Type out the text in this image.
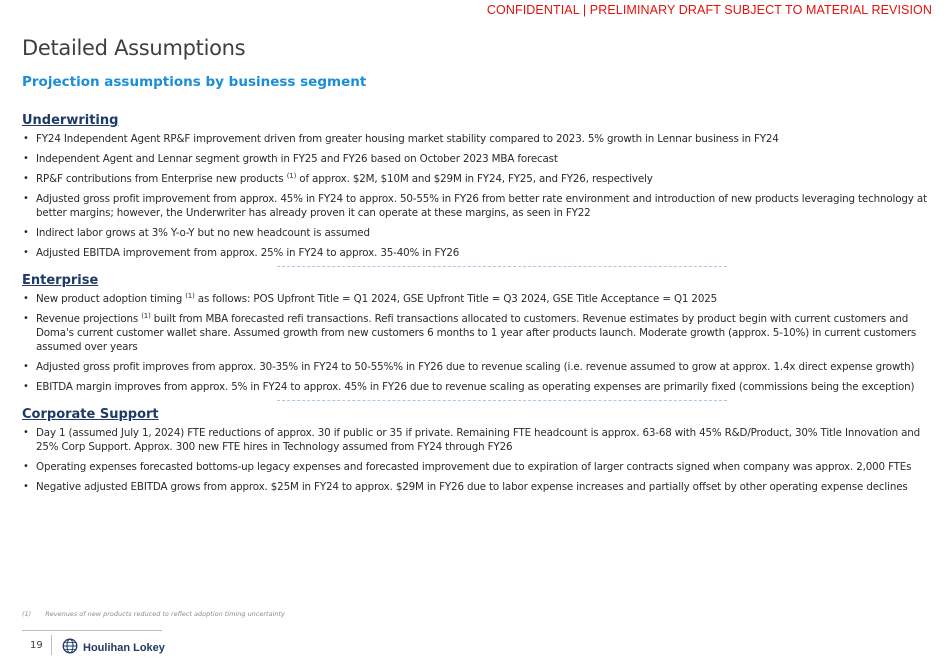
CONFIDENTIAL | PRELIMINARY DRAFT SUBJECT TO MATERIAL REVISION
Detailed Assumptions
Projection assumptions by business segment
Underwriting
• FY24 Independent Agent RP&F improvement driven from greater housing market stability compared to 2023. 5% growth in Lennar business in FY24
• Independent Agent and Lennar segment growth in FY25 and FY26 based on October 2023 MBA forecast
• RP&F contributions from Enterprise new products $^{(1)}$ of approx. $2M, $10M and $29M in FY24, FY25, and FY26, respectively
• Adjusted gross profit improvement from approx. 45% in FY24 to approx. 50-55% in FY26 from better rate environment and introduction of new products leveraging technology at better margins; however, the Underwriter has already proven it can operate at these margins, as seen in FY22
• Indirect labor grows at 3% Y-o-Y but no new headcount is assumed
• Adjusted EBITDA improvement from approx. 25% in FY24 to approx. 35-40% in FY26
Enterprise
• New product adoption timing $^{(1)}$ as follows: POS Upfront Title = Q1 2024, GSE Upfront Title = Q3 2024, GSE Title Acceptance = Q1 2025
• Revenue projections $^{(1)}$ built from MBA forecasted refi transactions. Refi transactions allocated to customers. Revenue estimates by product begin with current customers and Doma's current customer wallet share. Assumed growth from new customers 6 months to 1 year after products launch. Moderate growth (approx. 5-10%) in current customers assumed over years
• Adjusted gross profit improves from approx. 30-35% in FY24 to 50-55%% in FY26 due to revenue scaling (i.e. revenue assumed to grow at approx. 1.4x direct expense growth)
• EBITDA margin improves from approx. 5% in FY24 to approx. 45% in FY26 due to revenue scaling as operating expenses are primarily fixed (commissions being the exception)
Corporate Support
• Day 1 (assumed July 1, 2024) FTE reductions of approx. 30 if public or 35 if private. Remaining FTE headcount is approx. 63-68 with 45% R&D/Product, 30% Title Innovation and 25% Corp Support. Approx. 300 new FTE hires in Technology assumed from FY24 through FY26
• Operating expenses forecasted bottoms-up legacy expenses and forecasted improvement due to expiration of larger contracts signed when company was approx. 2,000 FTEs
• Negative adjusted EBITDA grows from approx. $25M in FY24 to approx. $29M in FY26 due to labor expense increases and partially offset by other operating expense declines
(1) Revenues of new products reduced to reflect adoption timing uncertainty
19	Houlihan Lokey
